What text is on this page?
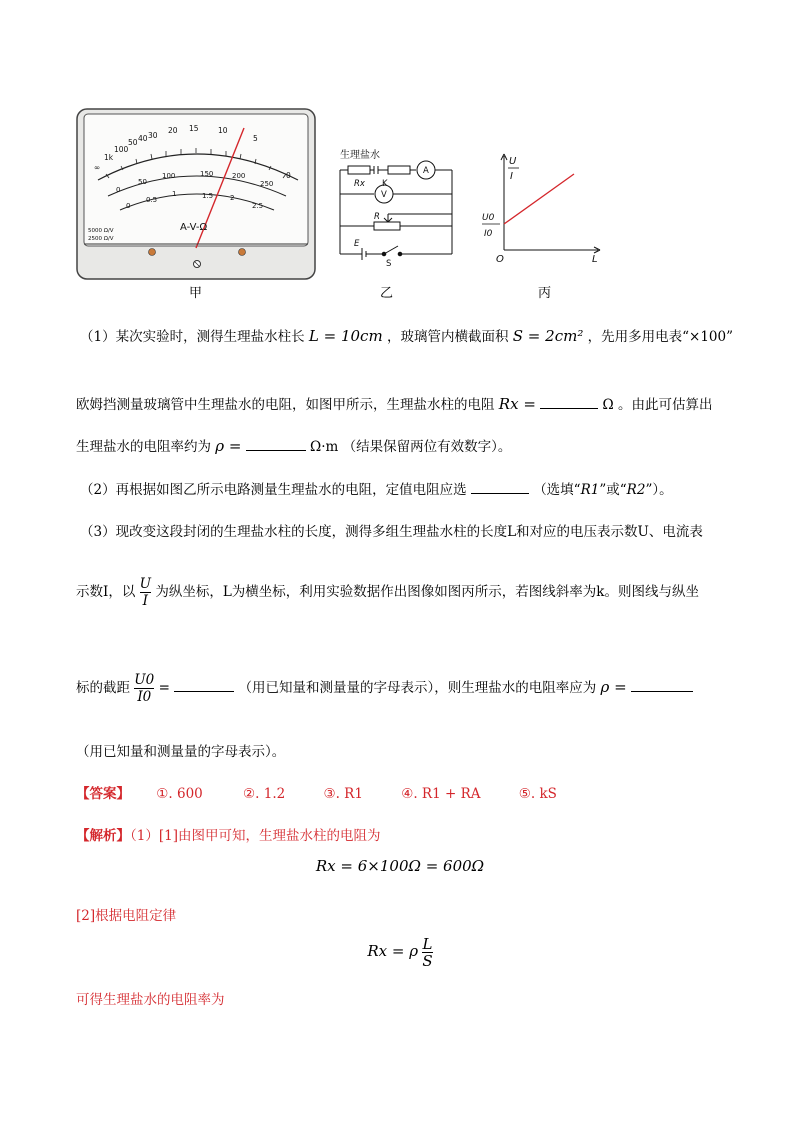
∞
1k
100
50 40 30
20 15	10
5
0
0
50
100	150	200
250
0
0.5
1	1.5 2
2.5
A-V-Ω
5000 Ω/V
2500 Ω/V
甲
生理盐水
Rx K
A
V
R
E
S
乙
U
I
U0
I0
O	L
丙
（1）某次实验时，测得生理盐水柱长 L = 10cm ，玻璃管内横截面积 S = 2cm² ，先用多用电表“×100”
欧姆挡测量玻璃管中生理盐水的电阻，如图甲所示，生理盐水柱的电阻 Rx =	Ω 。由此可估算出
生理盐水的电阻率约为 ρ =	Ω·m （结果保留两位有效数字）。
（2）再根据如图乙所示电路测量生理盐水的电阻，定值电阻应选	（选填“R1”或“R2”）。
（3）现改变这段封闭的生理盐水柱的长度，测得多组生理盐水柱的长度L和对应的电压表示数U、电流表
示数I，以 $\frac{U}{I}$ 为纵坐标，L为横坐标，利用实验数据作出图像如图丙所示，若图线斜率为k。则图线与纵坐
标的截距 $\frac{U0}{I0}$ =	（用已知量和测量量的字母表示），则生理盐水的电阻率应为 ρ =
（用已知量和测量量的字母表示）。
【答案】 ①. 600	②. 1.2	③. R1	④. R1 + RA	⑤. kS
【解析】（1）[1]由图甲可知，生理盐水柱的电阻为
Rx = 6×100Ω = 600Ω
[2]根据电阻定律
Rx = ρ $\frac{L}{S}$
可得生理盐水的电阻率为
